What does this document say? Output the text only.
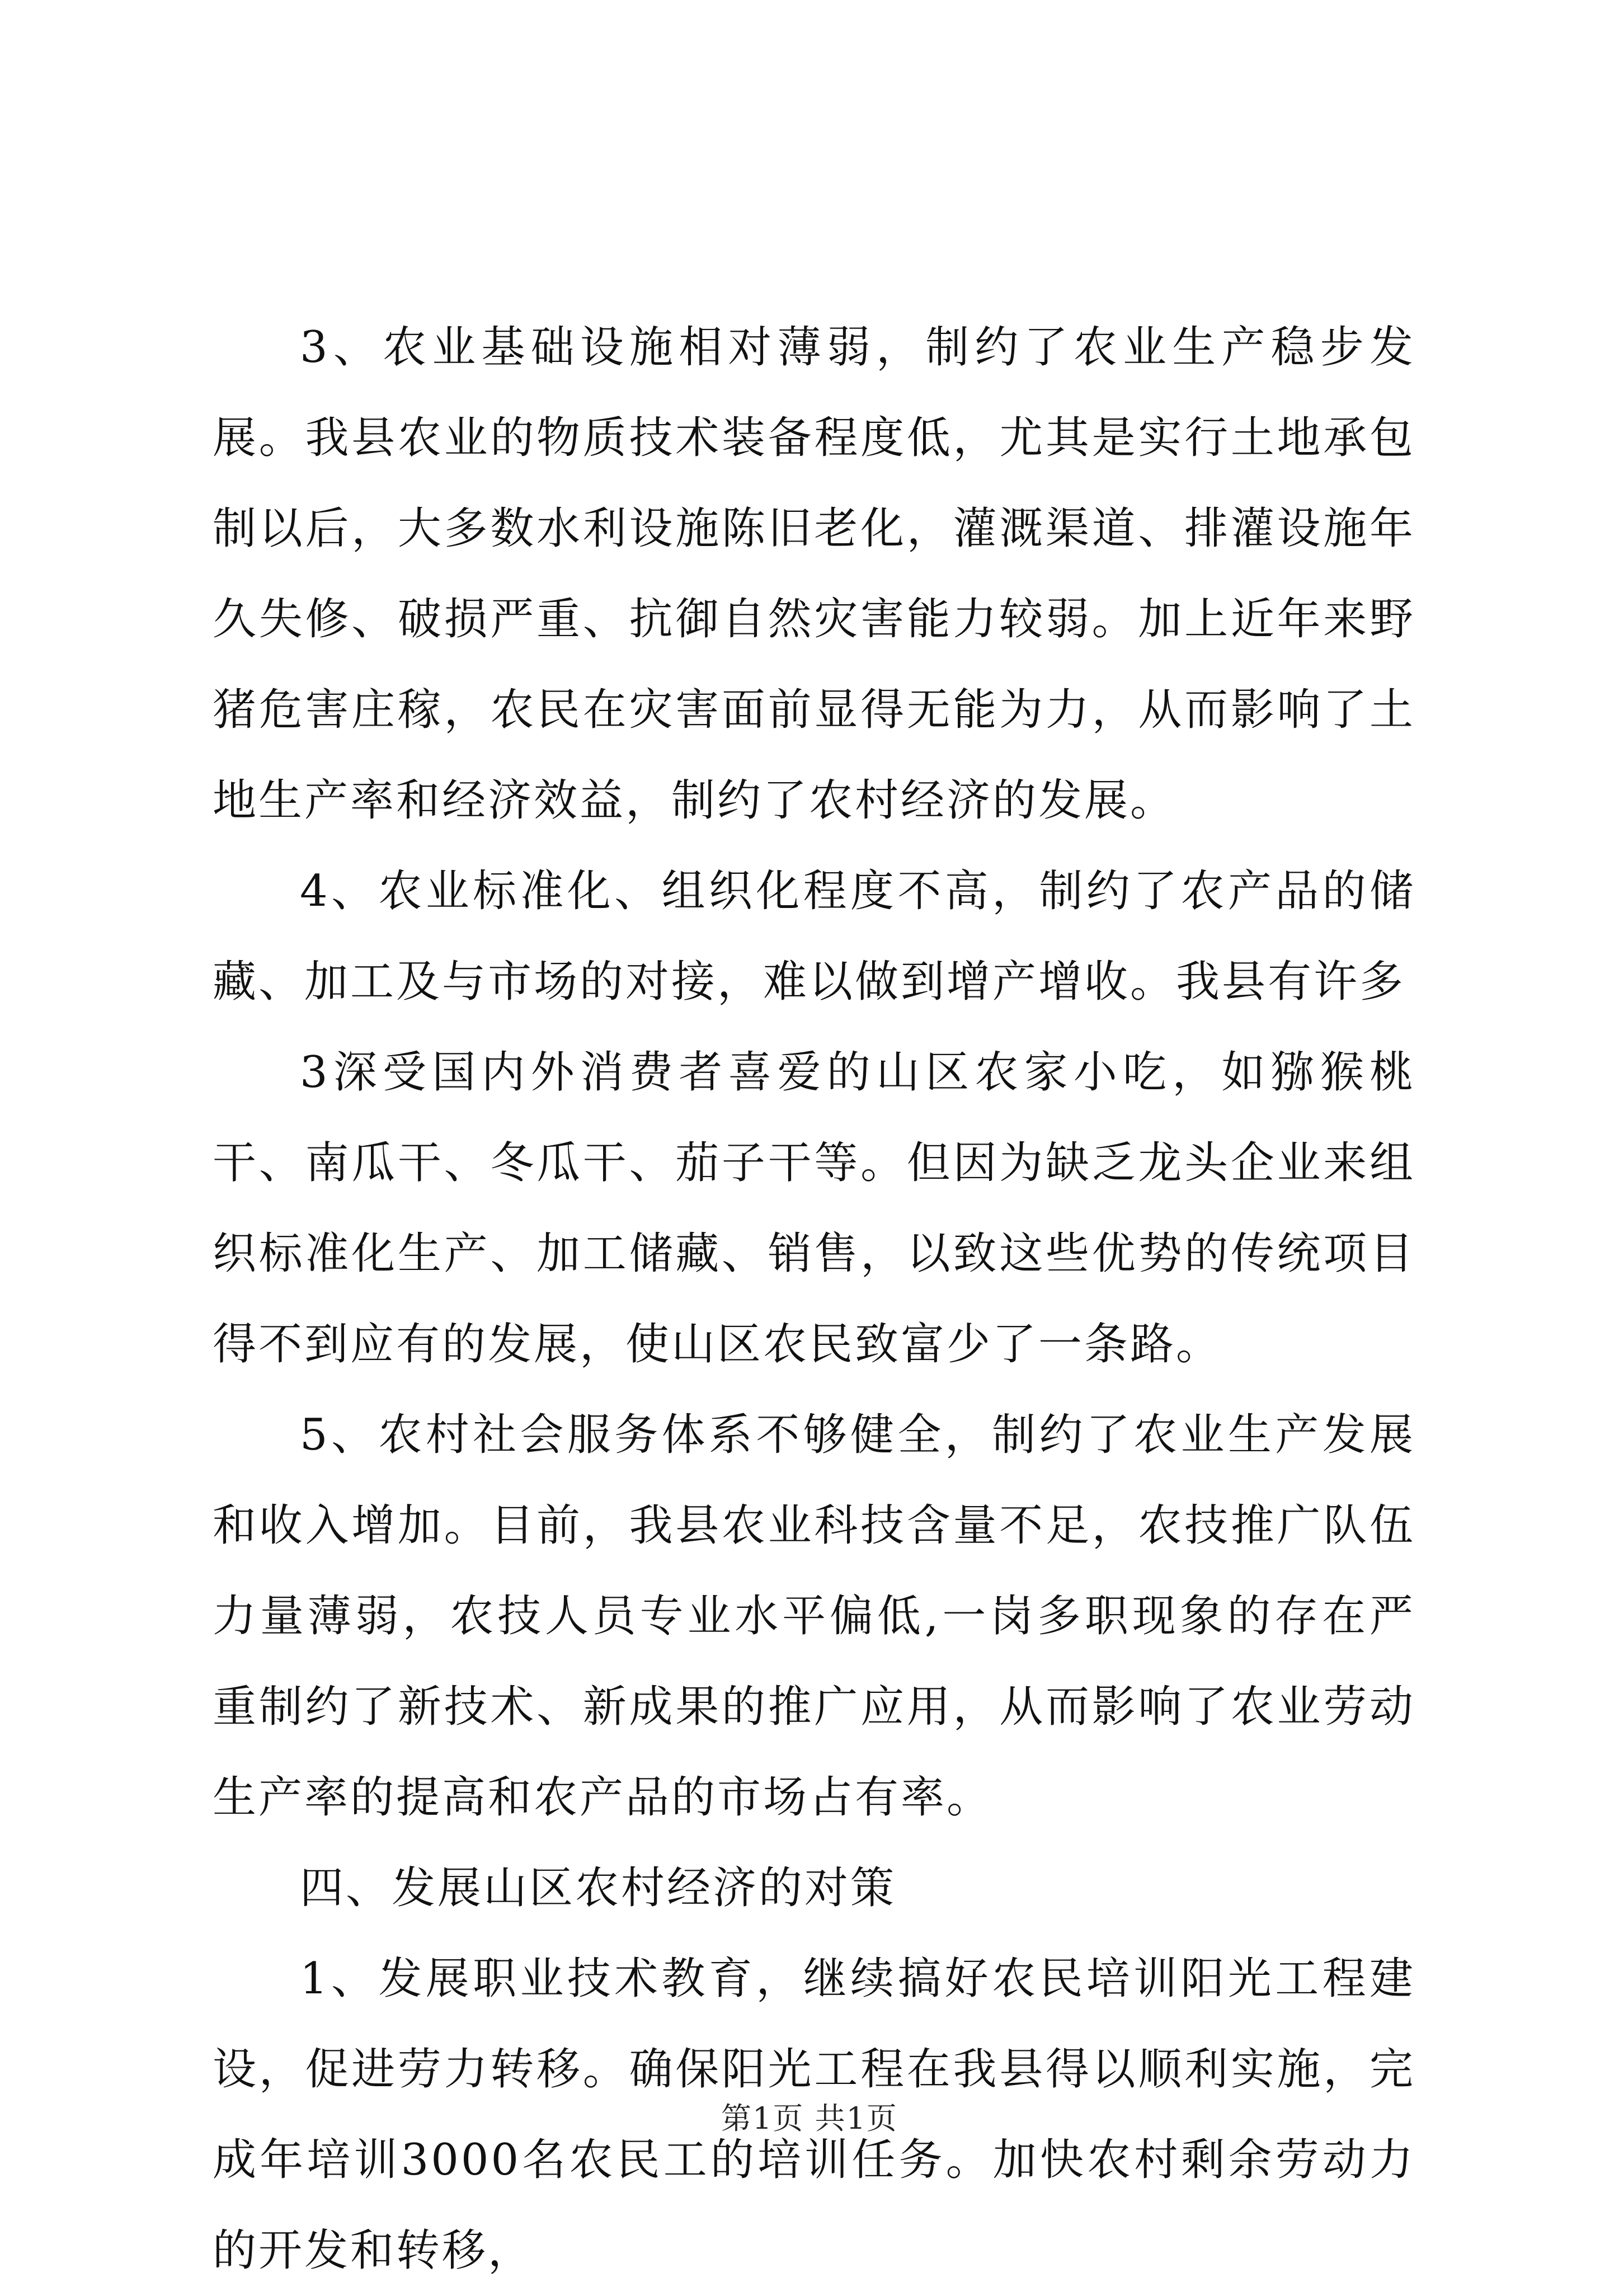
3、农业基础设施相对薄弱，制约了农业生产稳步发展。我县农业的物质技术装备程度低，尤其是实行土地承包制以后，大多数水利设施陈旧老化，灌溉渠道、排灌设施年久失修、破损严重、抗御自然灾害能力较弱。加上近年来野猪危害庄稼，农民在灾害面前显得无能为力，从而影响了土地生产率和经济效益，制约了农村经济的发展。

4、农业标准化、组织化程度不高，制约了农产品的储藏、加工及与市场的对接，难以做到增产增收。我县有许多

3深受国内外消费者喜爱的山区农家小吃，如猕猴桃干、南瓜干、冬瓜干、茄子干等。但因为缺乏龙头企业来组织标准化生产、加工储藏、销售，以致这些优势的传统项目得不到应有的发展，使山区农民致富少了一条路。

5、农村社会服务体系不够健全，制约了农业生产发展和收入增加。目前，我县农业科技含量不足，农技推广队伍力量薄弱，农技人员专业水平偏低,一岗多职现象的存在严重制约了新技术、新成果的推广应用，从而影响了农业劳动生产率的提高和农产品的市场占有率。

四、发展山区农村经济的对策

1、发展职业技术教育，继续搞好农民培训阳光工程建设，促进劳力转移。确保阳光工程在我县得以顺利实施，完成年培训3000名农民工的培训任务。加快农村剩余劳动力的开发和转移，

第1页 共1页
